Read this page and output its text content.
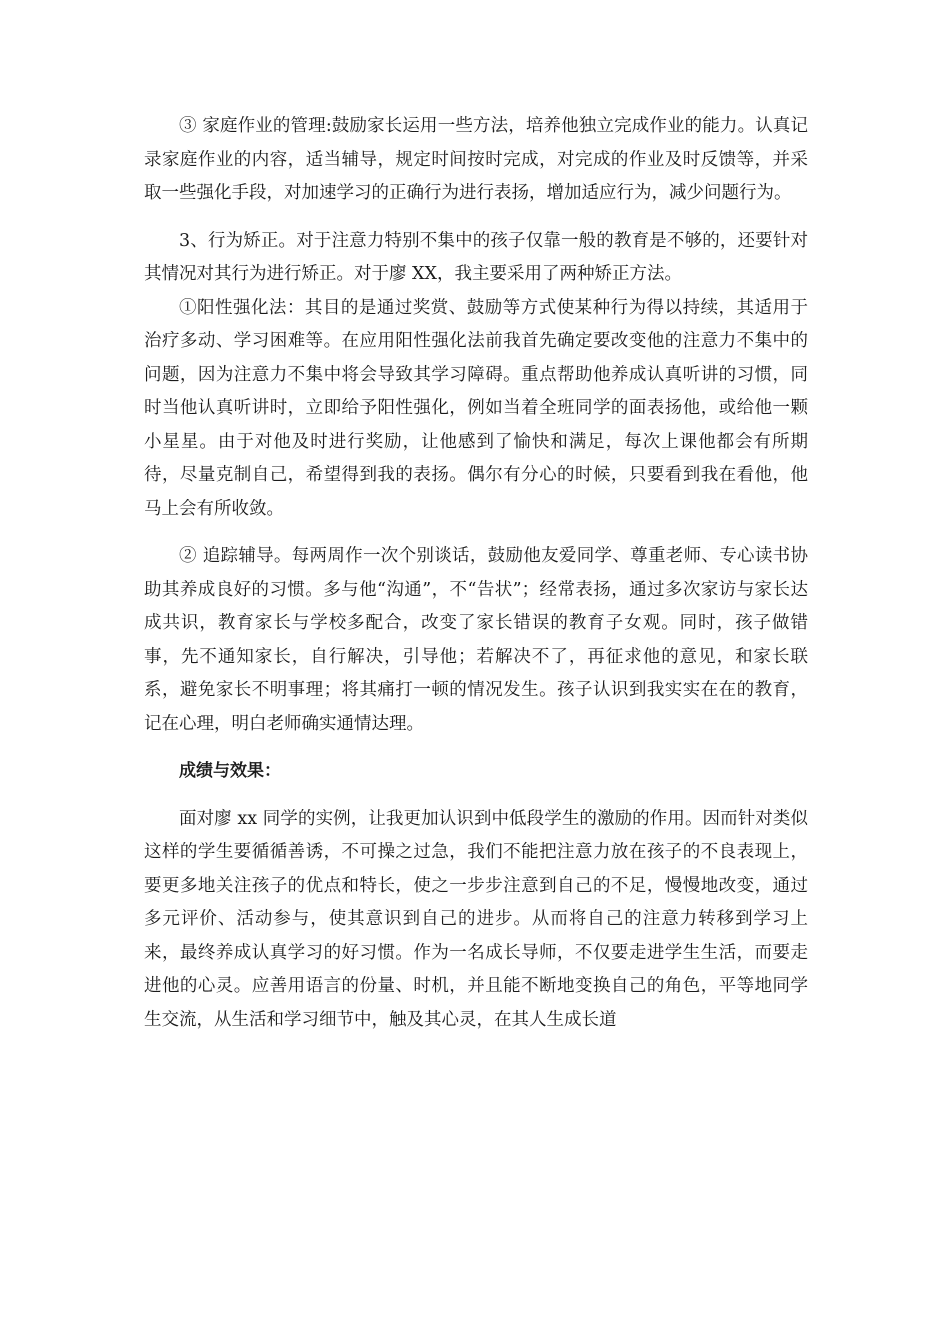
③ 家庭作业的管理:鼓励家长运用一些方法，培养他独立完成作业的能力。认真记录家庭作业的内容，适当辅导，规定时间按时完成，对完成的作业及时反馈等，并采取一些强化手段，对加速学习的正确行为进行表扬，增加适应行为，减少问题行为。

3、行为矫正。对于注意力特别不集中的孩子仅靠一般的教育是不够的，还要针对其情况对其行为进行矫正。对于廖 XX，我主要采用了两种矫正方法。

①阳性强化法：其目的是通过奖赏、鼓励等方式使某种行为得以持续，其适用于治疗多动、学习困难等。在应用阳性强化法前我首先确定要改变他的注意力不集中的问题，因为注意力不集中将会导致其学习障碍。重点帮助他养成认真听讲的习惯，同时当他认真听讲时，立即给予阳性强化，例如当着全班同学的面表扬他，或给他一颗小星星。由于对他及时进行奖励，让他感到了愉快和满足，每次上课他都会有所期待，尽量克制自己，希望得到我的表扬。偶尔有分心的时候，只要看到我在看他，他马上会有所收敛。

② 追踪辅导。每两周作一次个别谈话，鼓励他友爱同学、尊重老师、专心读书协助其养成良好的习惯。多与他“沟通”，不“告状”；经常表扬，通过多次家访与家长达成共识，教育家长与学校多配合，改变了家长错误的教育子女观。同时，孩子做错事，先不通知家长，自行解决，引导他；若解决不了，再征求他的意见，和家长联系，避免家长不明事理；将其痛打一顿的情况发生。孩子认识到我实实在在的教育，记在心理，明白老师确实通情达理。

成绩与效果：

面对廖 xx 同学的实例，让我更加认识到中低段学生的激励的作用。因而针对类似这样的学生要循循善诱，不可操之过急，我们不能把注意力放在孩子的不良表现上，要更多地关注孩子的优点和特长，使之一步步注意到自己的不足，慢慢地改变，通过多元评价、活动参与，使其意识到自己的进步。从而将自己的注意力转移到学习上来，最终养成认真学习的好习惯。作为一名成长导师，不仅要走进学生生活，而要走进他的心灵。应善用语言的份量、时机，并且能不断地变换自己的角色，平等地同学生交流，从生活和学习细节中，触及其心灵，在其人生成长道
